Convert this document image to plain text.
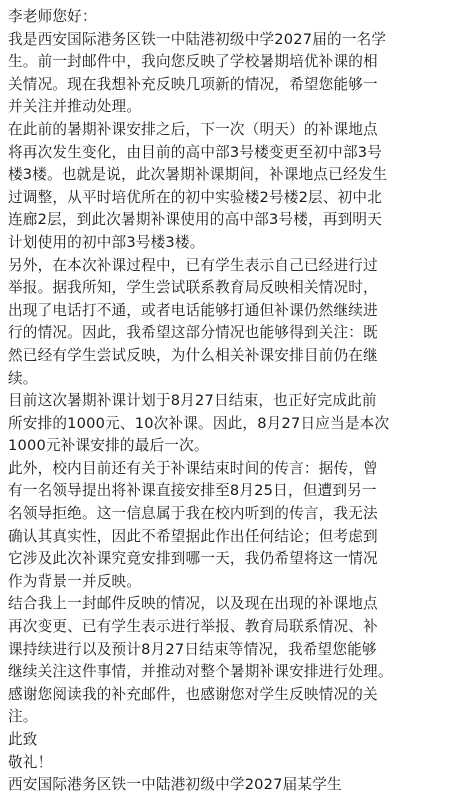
李老师您好：
我是西安国际港务区铁一中陆港初级中学2027届的一名学
生。前一封邮件中，我向您反映了学校暑期培优补课的相
关情况。现在我想补充反映几项新的情况，希望您能够一
并关注并推动处理。
在此前的暑期补课安排之后，下一次（明天）的补课地点
将再次发生变化，由目前的高中部3号楼变更至初中部3号
楼3楼。也就是说，此次暑期补课期间，补课地点已经发生
过调整，从平时培优所在的初中实验楼2号楼2层、初中北
连廊2层，到此次暑期补课使用的高中部3号楼，再到明天
计划使用的初中部3号楼3楼。
另外，在本次补课过程中，已有学生表示自己已经进行过
举报。据我所知，学生尝试联系教育局反映相关情况时，
出现了电话打不通，或者电话能够打通但补课仍然继续进
行的情况。因此，我希望这部分情况也能够得到关注：既
然已经有学生尝试反映，为什么相关补课安排目前仍在继
续。
目前这次暑期补课计划于8月27日结束，也正好完成此前
所安排的1000元、10次补课。因此，8月27日应当是本次
1000元补课安排的最后一次。
此外，校内目前还有关于补课结束时间的传言：据传，曾
有一名领导提出将补课直接安排至8月25日，但遭到另一
名领导拒绝。这一信息属于我在校内听到的传言，我无法
确认其真实性，因此不希望据此作出任何结论；但考虑到
它涉及此次补课究竟安排到哪一天，我仍希望将这一情况
作为背景一并反映。
结合我上一封邮件反映的情况，以及现在出现的补课地点
再次变更、已有学生表示进行举报、教育局联系情况、补
课持续进行以及预计8月27日结束等情况，我希望您能够
继续关注这件事情，并推动对整个暑期补课安排进行处理。
感谢您阅读我的补充邮件，也感谢您对学生反映情况的关
注。
此致
敬礼！
西安国际港务区铁一中陆港初级中学2027届某学生
